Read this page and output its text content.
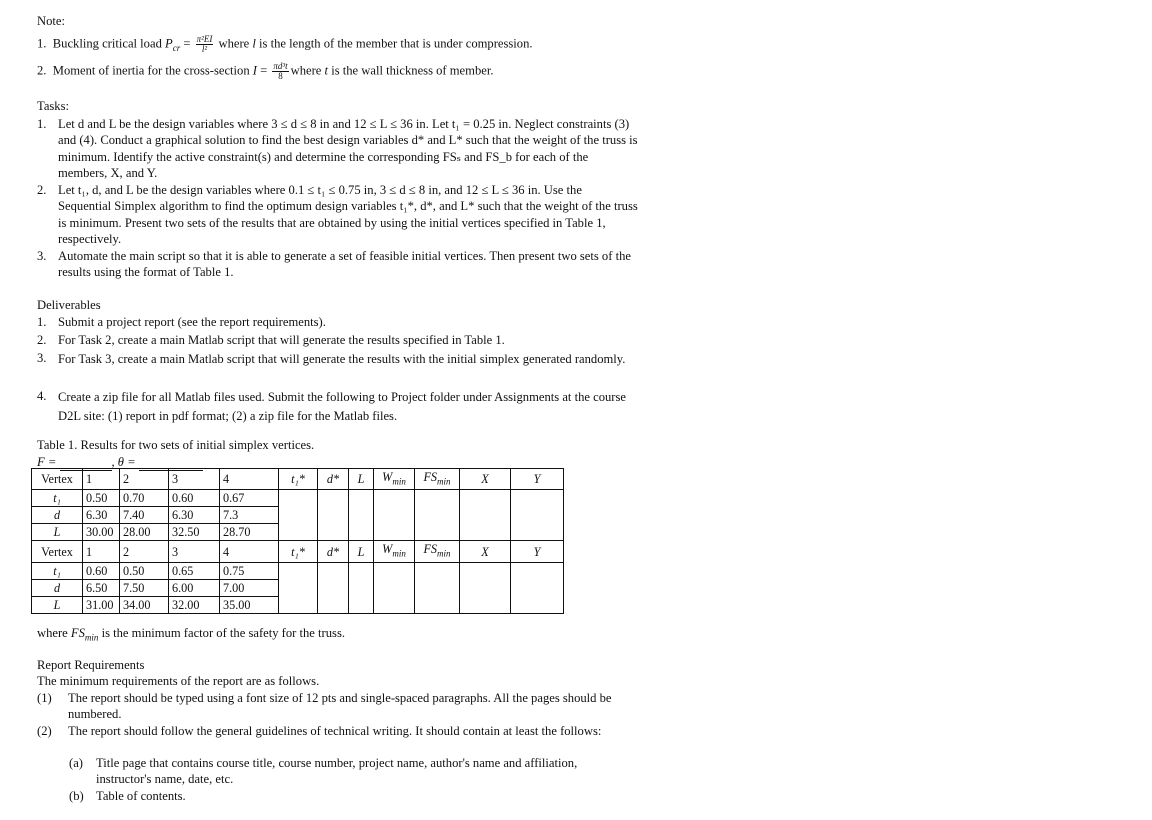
Note:
1. Buckling critical load $P_{cr} = \frac{\text{π²EI}}{\text{l²}}$ where l is the length of the member that is under compression.
2. Moment of inertia for the cross-section $I = \frac{\text{πd³t}}{8}$ where t is the wall thickness of member.
Tasks:
1. Let d and L be the design variables where 3 ≤ d ≤ 8 in and 12 ≤ L ≤ 36 in. Let t₁ = 0.25 in. Neglect constraints (3) and (4). Conduct a graphical solution to find the best design variables d* and L* such that the weight of the truss is minimum. Identify the active constraint(s) and determine the corresponding FSₛ and FS_b for each of the members, X, and Y.
2. Let t₁, d, and L be the design variables where 0.1 ≤ t₁ ≤ 0.75 in, 3 ≤ d ≤ 8 in, and 12 ≤ L ≤ 36 in. Use the Sequential Simplex algorithm to find the optimum design variables t₁*, d*, and L* such that the weight of the truss is minimum. Present two sets of the results that are obtained by using the initial vertices specified in Table 1, respectively.
3. Automate the main script so that it is able to generate a set of feasible initial vertices. Then present two sets of the results using the format of Table 1.
Deliverables
1. Submit a project report (see the report requirements).
2. For Task 2, create a main Matlab script that will generate the results specified in Table 1.
3. For Task 3, create a main Matlab script that will generate the results with the initial simplex generated randomly.
4. Create a zip file for all Matlab files used. Submit the following to Project folder under Assignments at the course D2L site: (1) report in pdf format; (2) a zip file for the Matlab files.
Table 1. Results for two sets of initial simplex vertices.
F =	, θ =
Vertex	1	2	3	4	t₁*	d*	L	$W_{min}$	$FS_{min}$	X	Y
t₁	0.50	0.70	0.60	0.67							
d	6.30	7.40	6.30	7.3							
L	30.00	28.00	32.50	28.70							
Vertex	1	2	3	4	t₁*	d*	L	$W_{min}$	$FS_{min}$	X	Y
t₁	0.60	0.50	0.65	0.75							
d	6.50	7.50	6.00	7.00							
L	31.00	34.00	32.00	35.00							
where $FS_{min}$ is the minimum factor of the safety for the truss.
Report Requirements
The minimum requirements of the report are as follows.
(1) The report should be typed using a font size of 12 pts and single-spaced paragraphs. All the pages should be numbered.
(2) The report should follow the general guidelines of technical writing. It should contain at least the follows:
(a) Title page that contains course title, course number, project name, author's name and affiliation, instructor's name, date, etc.
(b) Table of contents.
